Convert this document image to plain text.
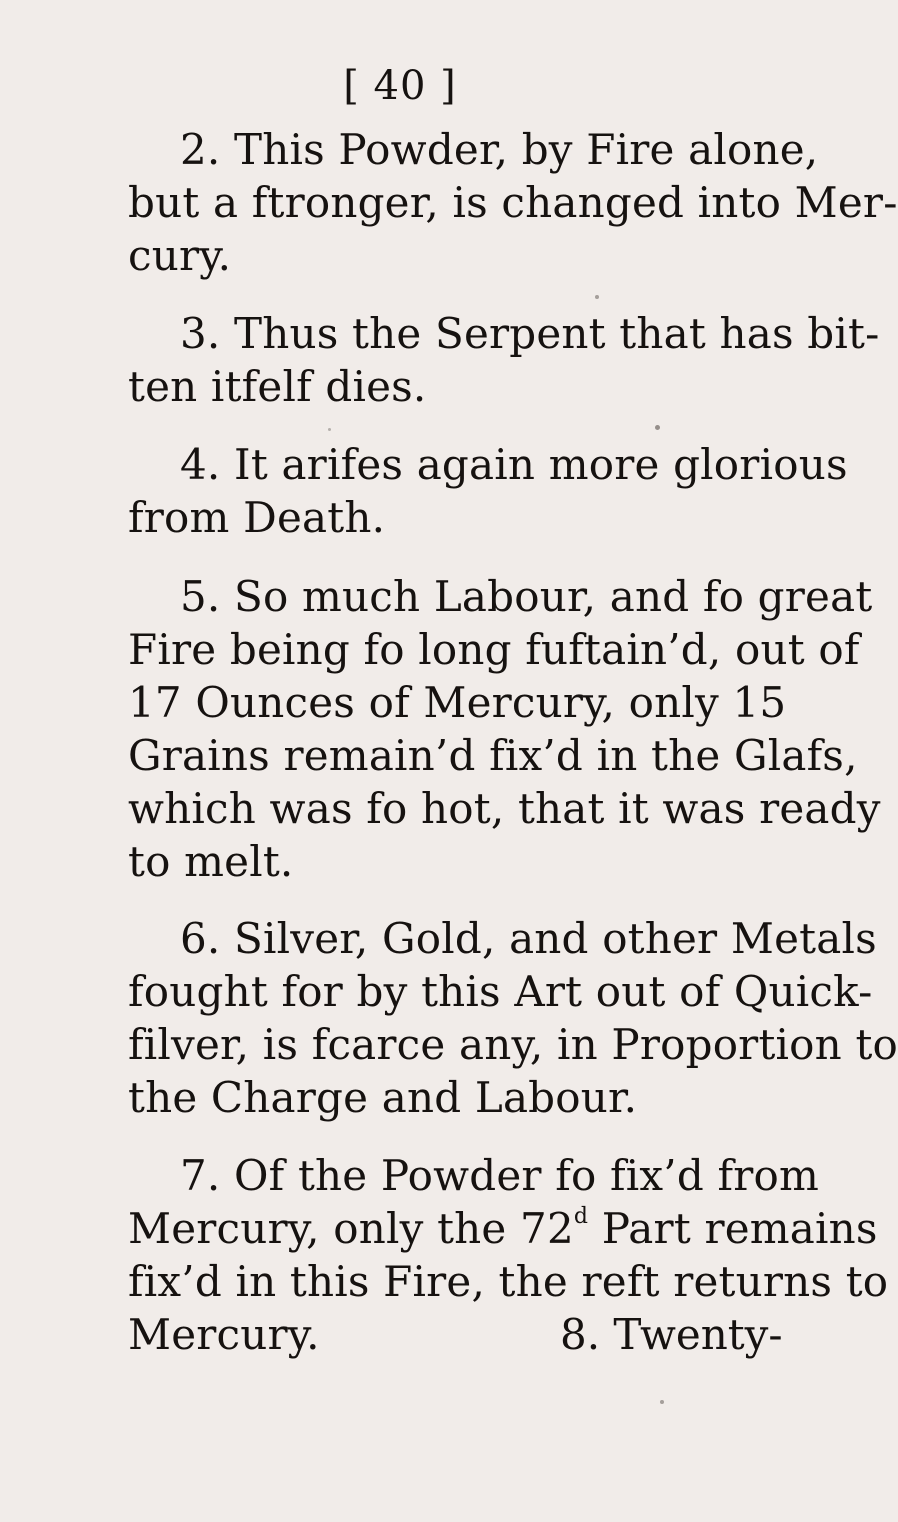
[ 40 ]
2. This Powder, by Fire alone,
but a ftronger, is changed into Mer-
cury.
3. Thus the Serpent that has bit-
ten itfelf dies.
4. It arifes again more glorious
from Death.
5. So much Labour, and fo great
Fire being fo long fuftain’d, out of
17 Ounces of Mercury, only 15
Grains remain’d fix’d in the Glafs,
which was fo hot, that it was ready
to melt.
6. Silver, Gold, and other Metals
fought for by this Art out of Quick-
filver, is fcarce any, in Proportion to
the Charge and Labour.
7. Of the Powder fo fix’d from
Mercury, only the 72$^d$ Part remains
fix’d in this Fire, the reft returns to
Mercury.	8. Twenty-
